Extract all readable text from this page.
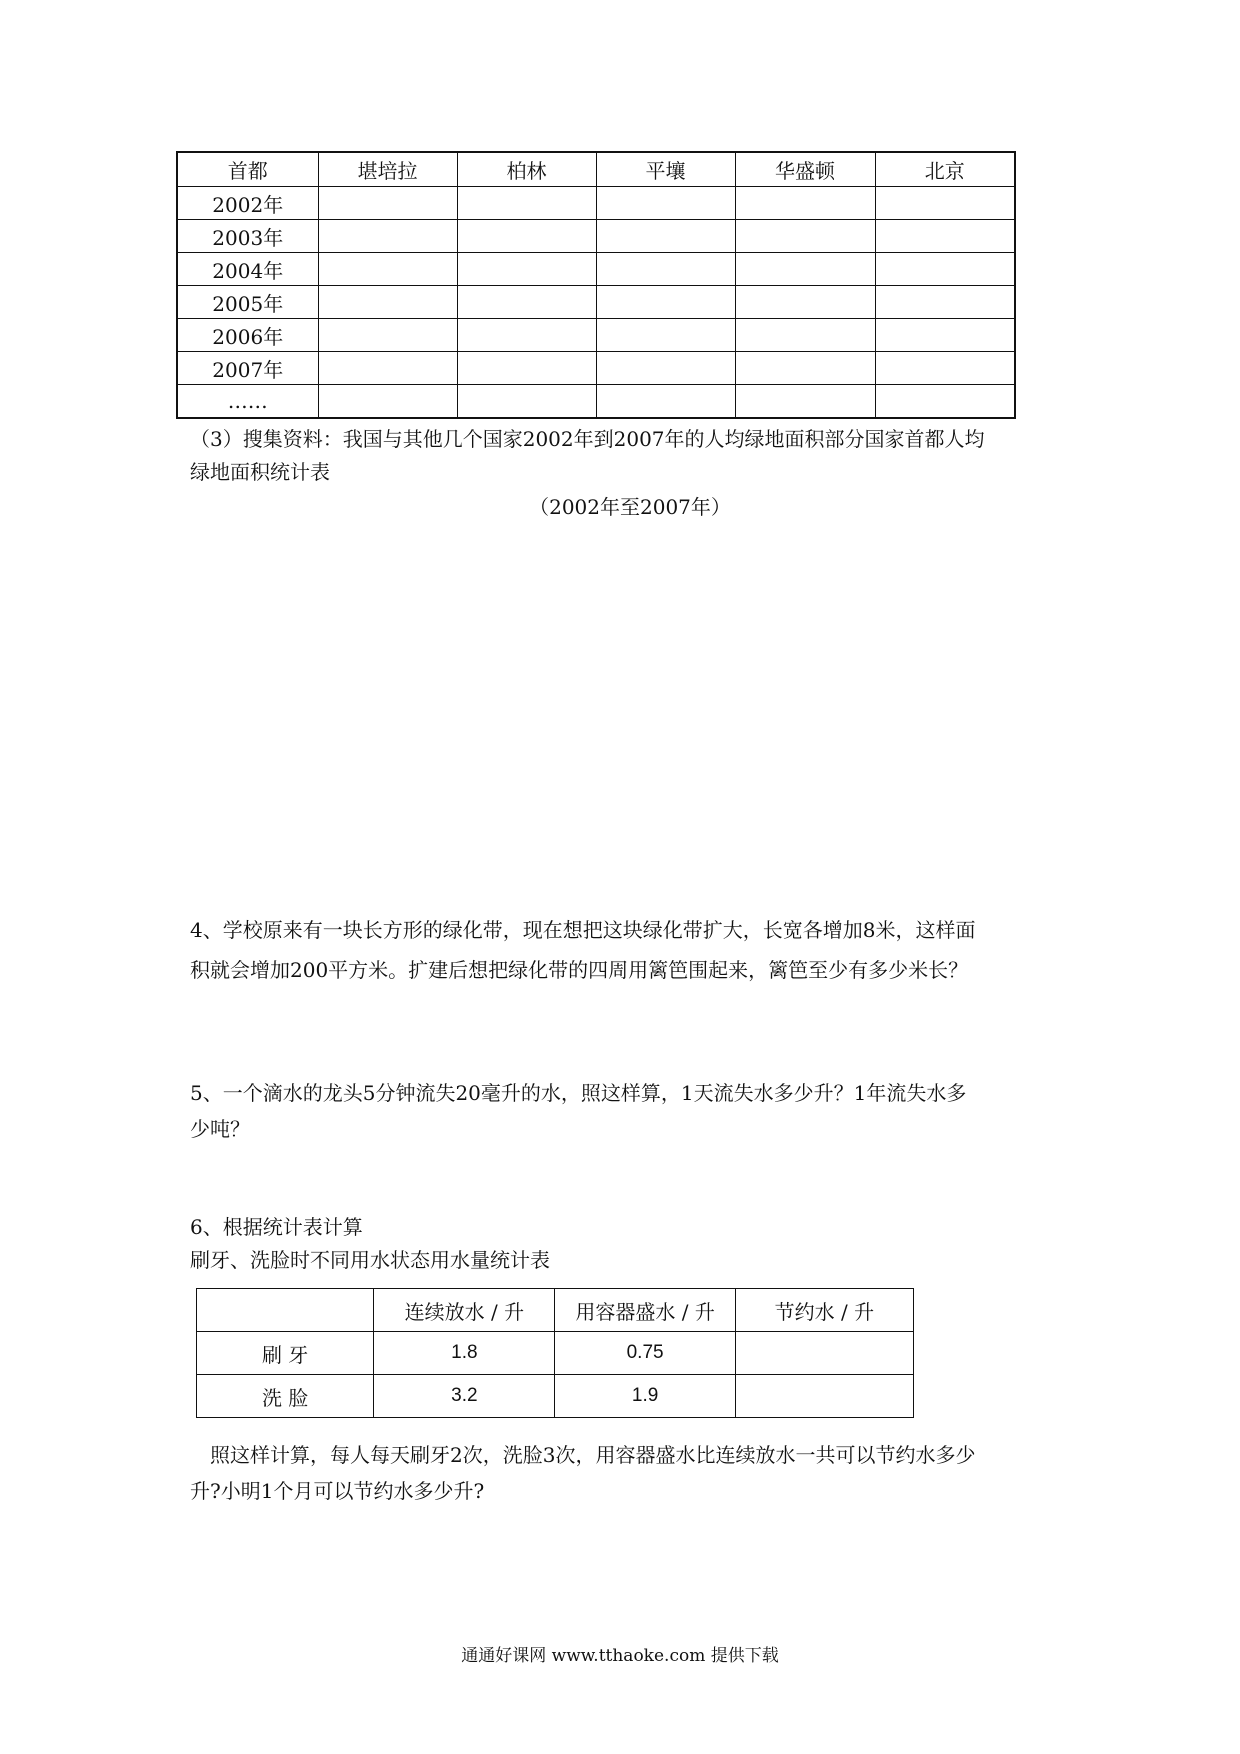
首都	堪培拉	柏林	平壤	华盛顿	北京
2002年					
2003年					
2004年					
2005年					
2006年					
2007年					
……					
（3）搜集资料：我国与其他几个国家2002年到2007年的人均绿地面积部分国家首都人均
绿地面积统计表
（2002年至2007年）
4、学校原来有一块长方形的绿化带，现在想把这块绿化带扩大，长宽各增加8米，这样面
积就会增加200平方米。扩建后想把绿化带的四周用篱笆围起来，篱笆至少有多少米长？
5、一个滴水的龙头5分钟流失20毫升的水，照这样算，1天流失水多少升？1年流失水多
少吨？
6、根据统计表计算
刷牙、洗脸时不同用水状态用水量统计表
	连续放水 / 升	用容器盛水 / 升	节约水 / 升
刷 牙	1.8	0.75	
洗 脸	3.2	1.9	
照这样计算，每人每天刷牙2次，洗脸3次，用容器盛水比连续放水一共可以节约水多少
升?小明1个月可以节约水多少升?
通通好课网 www.tthaoke.com 提供下载
